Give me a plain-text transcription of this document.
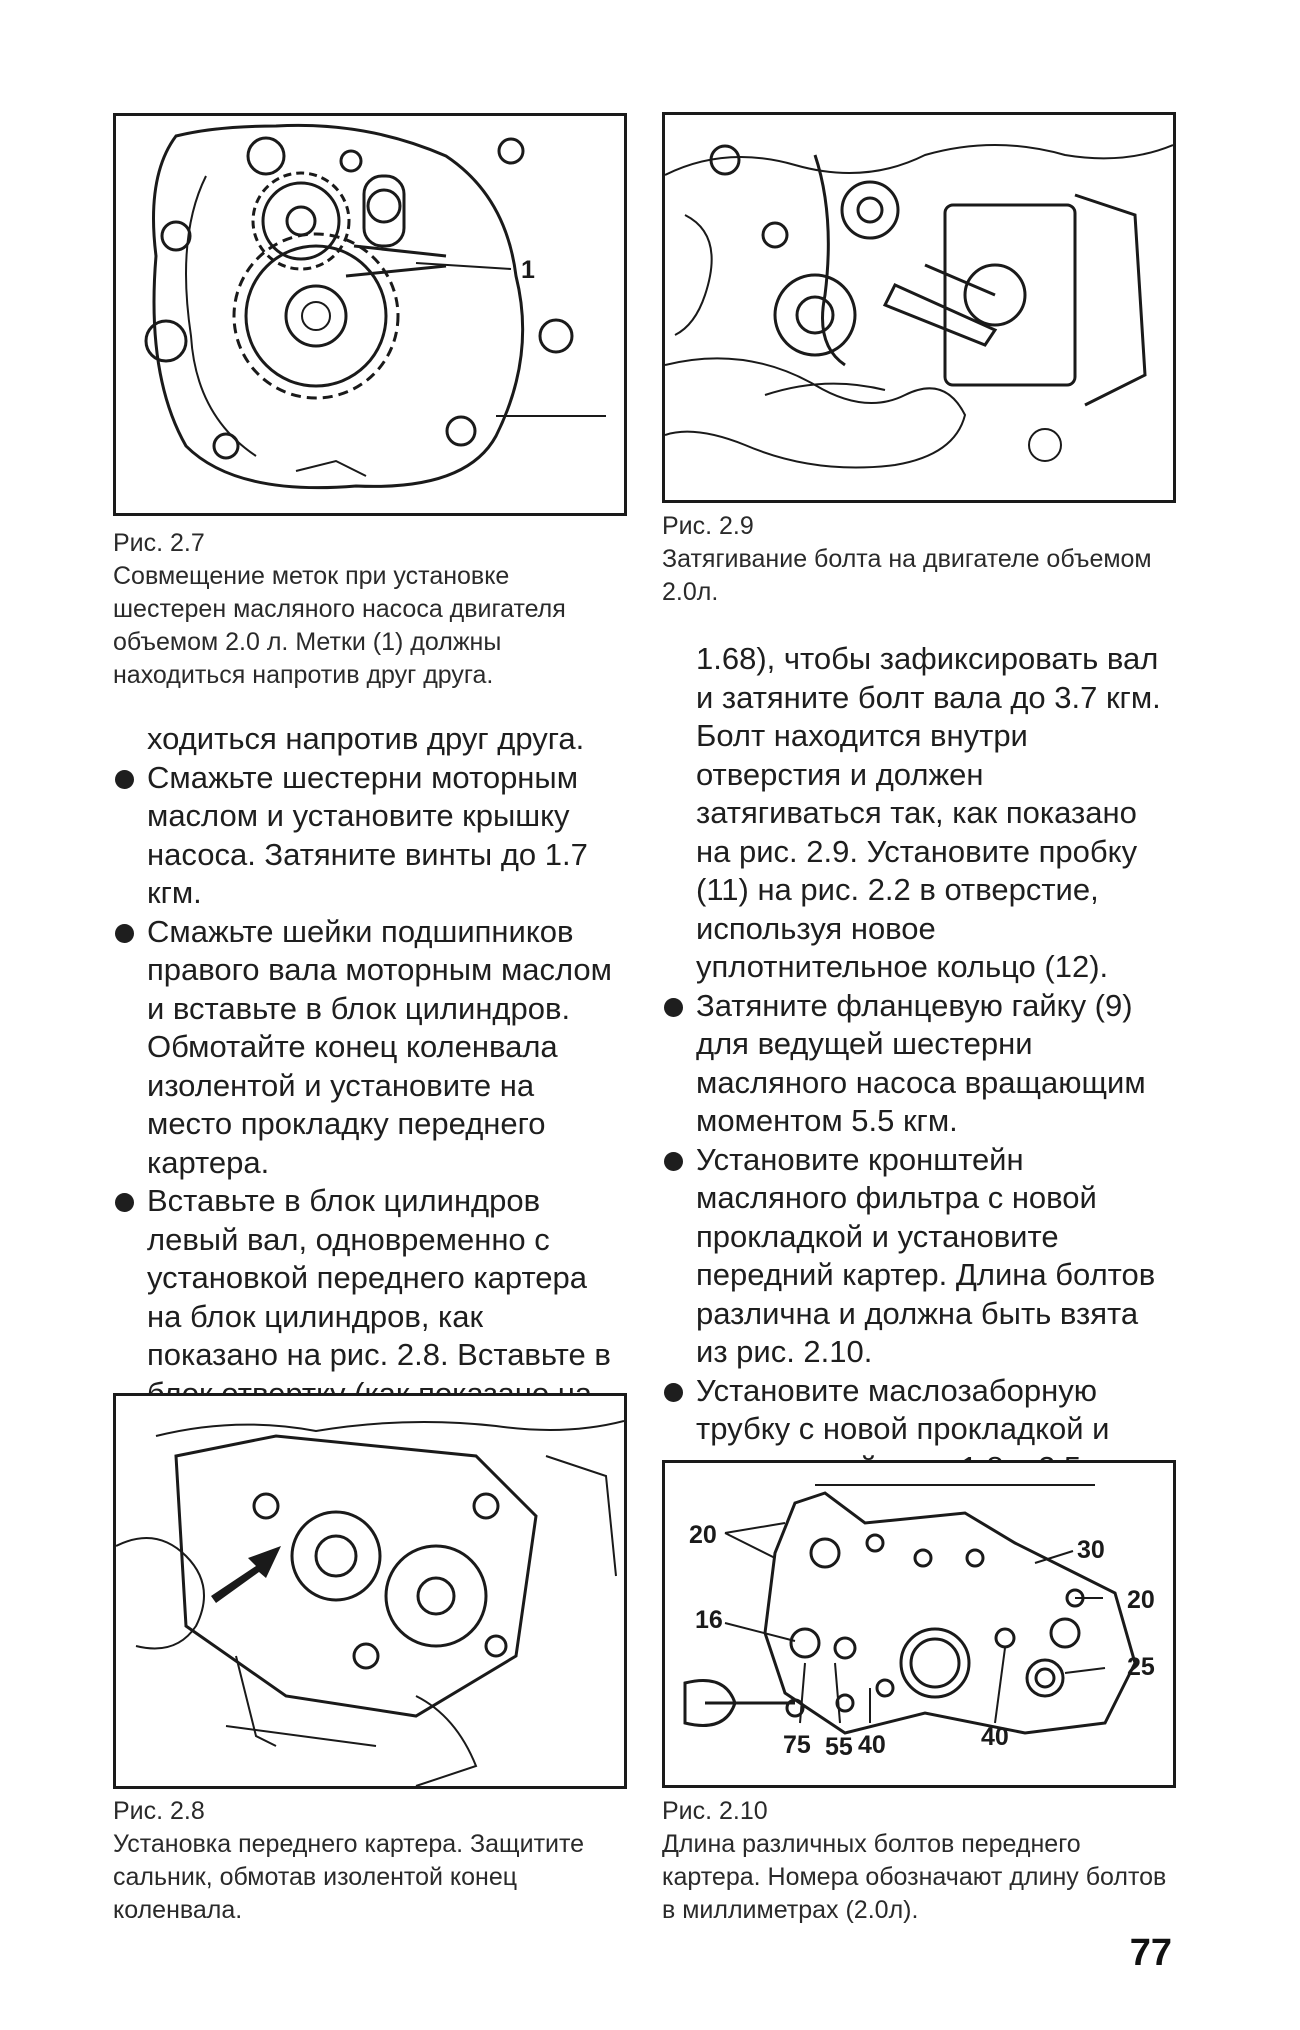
1
Рис. 2.7
Совмещение меток при установке шестерен масляного насоса двигателя объемом 2.0 л. Метки (1) должны находиться напротив друг друга.
Рис. 2.9
Затягивание болта на двигателе объемом 2.0л.

ходиться напротив друг друга.

Смажьте шестерни моторным маслом и установите крышку насоса. Затяните винты до 1.7 кгм.

Смажьте шейки подшипников правого вала моторным маслом и вставьте в блок цилиндров. Обмотайте конец коленвала изолентой и установите на место прокладку переднего картера.

Вставьте в блок цилиндров левый вал, одновременно с установкой переднего картера на блок цилиндров, как показано на рис. 2.8. Вставьте в

1.68), чтобы зафиксировать вал и затяните болт вала до 3.7 кгм. Болт находится внутри отверстия и должен затягиваться так, как показано на рис. 2.9. Установите пробку (11) на рис. 2.2 в отверстие, используя новое уплотнительное кольцо (12).

Затяните фланцевую гайку (9) для ведущей шестерни масляного насоса вращающим моментом 5.5 кгм.

Установите кронштейн масляного фильтра с новой прокладкой и установите передний картер. Длина болтов различна и должна быть взята из рис. 2.10.

Установите маслозаборную трубку с новой прокладкой и

Рис. 2.8
Установка переднего картера. Защитите сальник, обмотав изолентой конец коленвала.
20
16
75 55 40	40
30
20
25
Рис. 2.10
Длина различных болтов переднего картера. Номера обозначают длину болтов в миллиметрах (2.0л).
77
